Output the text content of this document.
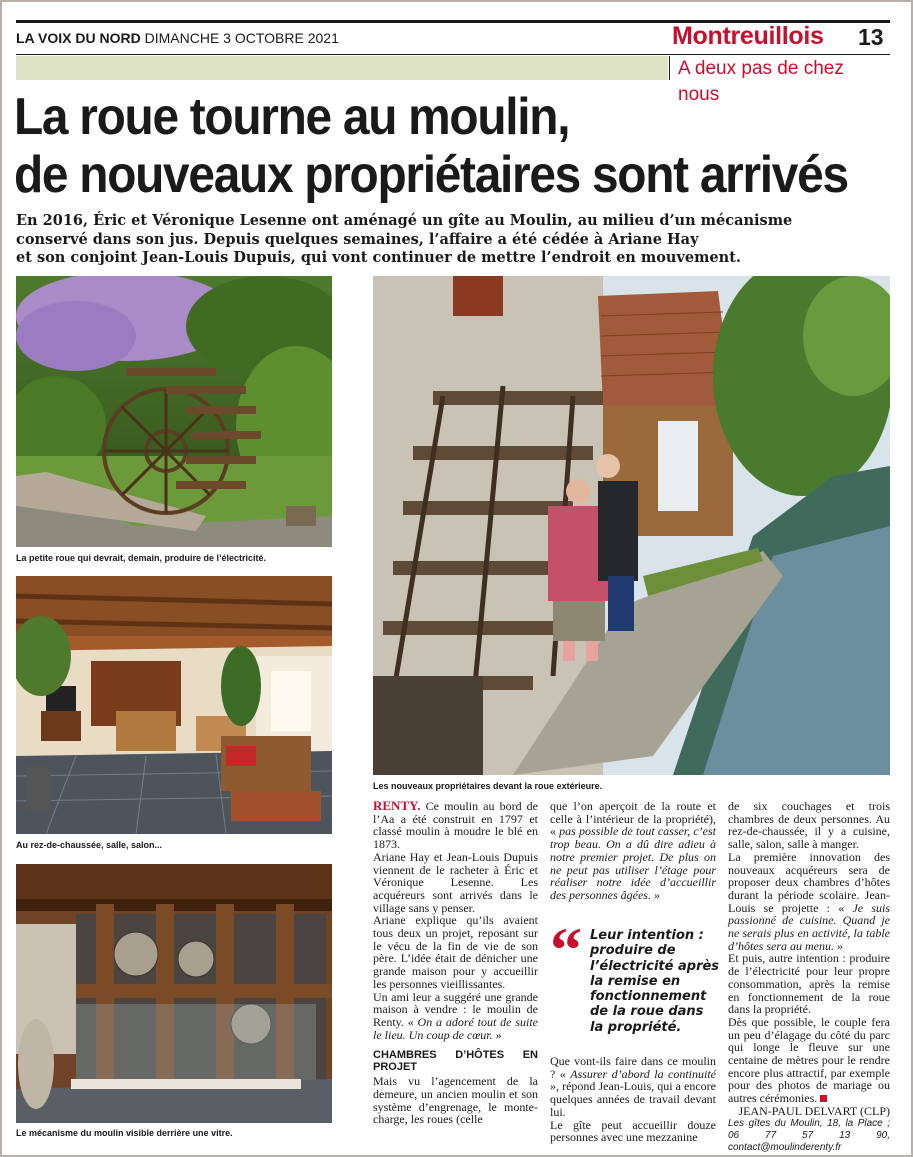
LA VOIX DU NORD DIMANCHE 3 OCTOBRE 2021	Montreuillois 13
A deux pas de chez nous
La roue tourne au moulin,
de nouveaux propriétaires sont arrivés
En 2016, Éric et Véronique Lesenne ont aménagé un gîte au Moulin, au milieu d’un mécanisme
conservé dans son jus. Depuis quelques semaines, l’affaire a été cédée à Ariane Hay
et son conjoint Jean-Louis Dupuis, qui vont continuer de mettre l’endroit en mouvement.
La petite roue qui devrait, demain, produire de l’électricité.
Au rez-de-chaussée, salle, salon...
Le mécanisme du moulin visible derrière une vitre.
Les nouveaux propriétaires devant la roue extérieure.

RENTY. Ce moulin au bord de l’Aa a été construit en 1797 et classé moulin à moudre le blé en 1873.

Ariane Hay et Jean-Louis Dupuis viennent de le racheter à Éric et Véronique Lesenne. Les acquéreurs sont arrivés dans le village sans y penser.

Ariane explique qu’ils avaient tous deux un projet, reposant sur le vécu de la fin de vie de son père. L’idée était de dénicher une grande maison pour y accueillir les personnes vieillissantes.

Un ami leur a suggéré une grande maison à vendre : le moulin de Renty. « On a adoré tout de suite le lieu. Un coup de cœur. »

CHAMBRES D’HÔTES EN PROJET

Mais vu l’agencement de la demeure, un ancien moulin et son système d’engrenage, le monte-charge, les roues (celle

que l’on aperçoit de la route et celle à l’intérieur de la propriété), « pas possible de tout casser, c’est trop beau. On a dû dire adieu à notre premier projet. De plus on ne peut pas utiliser l’étage pour réaliser notre idée d’accueillir des personnes âgées. »

“ Leur intention : produire de l’électricité après la remise en fonctionnement de la roue dans la propriété.

Que vont-ils faire dans ce moulin ? « Assurer d’abord la continuité », répond Jean-Louis, qui a encore quelques années de travail devant lui.

Le gîte peut accueillir douze personnes avec une mezzanine

de six couchages et trois chambres de deux personnes. Au rez-de-chaussée, il y a cuisine, salle, salon, salle à manger.

La première innovation des nouveaux acquéreurs sera de proposer deux chambres d’hôtes durant la période scolaire. Jean-Louis se projette : « Je suis passionné de cuisine. Quand je ne serais plus en activité, la table d’hôtes sera au menu. »

Et puis, autre intention : produire de l’électricité pour leur propre consommation, après la remise en fonctionnement de la roue dans la propriété.

Dès que possible, le couple fera un peu d’élagage du côté du parc qui longe le fleuve sur une centaine de mètres pour le rendre encore plus attractif, par exemple pour des photos de mariage ou autres cérémonies.

JEAN-PAUL DELVART (CLP)

Les gîtes du Moulin, 18, la Place ; 06 77 57 13 90, contact@moulinderenty.fr
